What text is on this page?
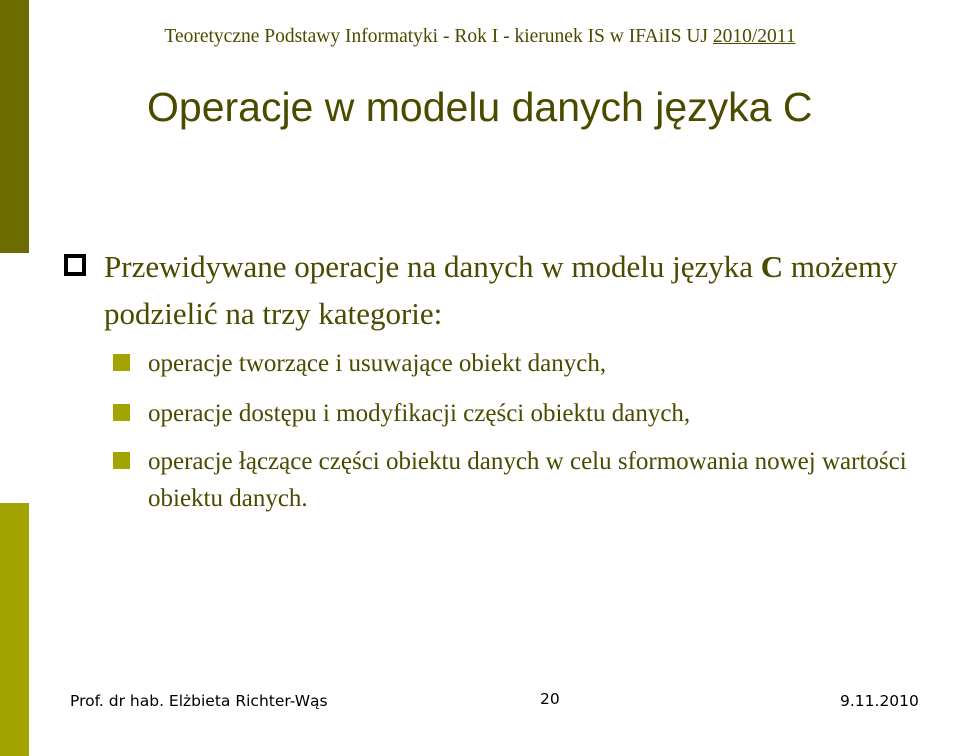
Teoretyczne Podstawy Informatyki - Rok I - kierunek IS w IFAiIS UJ 2010/2011
Operacje w modelu danych języka C
Przewidywane operacje na danych w modelu języka C możemy podzielić na trzy kategorie:
operacje tworzące i usuwające obiekt danych,
operacje dostępu i modyfikacji części obiektu danych,
operacje łączące części obiektu danych w celu sformowania nowej wartości obiektu danych.
Prof. dr hab. Elżbieta Richter-Wąs	20	9.11.2010
